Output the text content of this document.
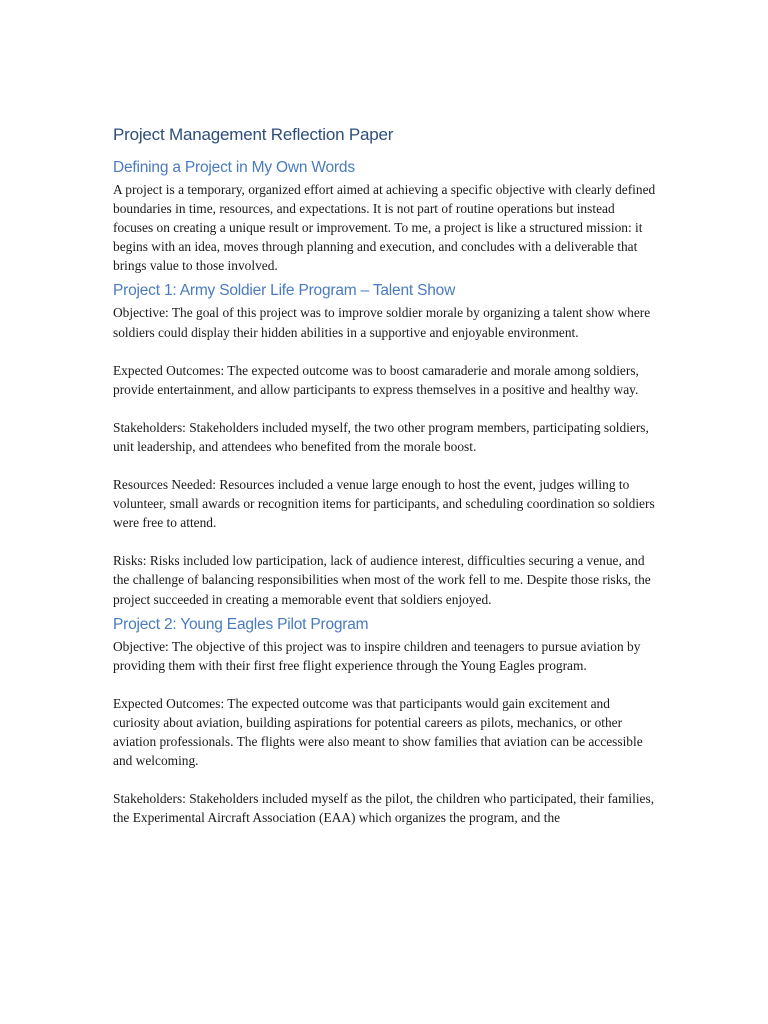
Project Management Reflection Paper
Defining a Project in My Own Words

A project is a temporary, organized effort aimed at achieving a specific objective with clearly defined boundaries in time, resources, and expectations. It is not part of routine operations but instead focuses on creating a unique result or improvement. To me, a project is like a structured mission: it begins with an idea, moves through planning and execution, and concludes with a deliverable that brings value to those involved.

Project 1: Army Soldier Life Program – Talent Show

Objective: The goal of this project was to improve soldier morale by organizing a talent show where soldiers could display their hidden abilities in a supportive and enjoyable environment.

Expected Outcomes: The expected outcome was to boost camaraderie and morale among soldiers, provide entertainment, and allow participants to express themselves in a positive and healthy way.

Stakeholders: Stakeholders included myself, the two other program members, participating soldiers, unit leadership, and attendees who benefited from the morale boost.

Resources Needed: Resources included a venue large enough to host the event, judges willing to volunteer, small awards or recognition items for participants, and scheduling coordination so soldiers were free to attend.

Risks: Risks included low participation, lack of audience interest, difficulties securing a venue, and the challenge of balancing responsibilities when most of the work fell to me. Despite those risks, the project succeeded in creating a memorable event that soldiers enjoyed.

Project 2: Young Eagles Pilot Program

Objective: The objective of this project was to inspire children and teenagers to pursue aviation by providing them with their first free flight experience through the Young Eagles program.

Expected Outcomes: The expected outcome was that participants would gain excitement and curiosity about aviation, building aspirations for potential careers as pilots, mechanics, or other aviation professionals. The flights were also meant to show families that aviation can be accessible and welcoming.

Stakeholders: Stakeholders included myself as the pilot, the children who participated, their families, the Experimental Aircraft Association (EAA) which organizes the program, and the
